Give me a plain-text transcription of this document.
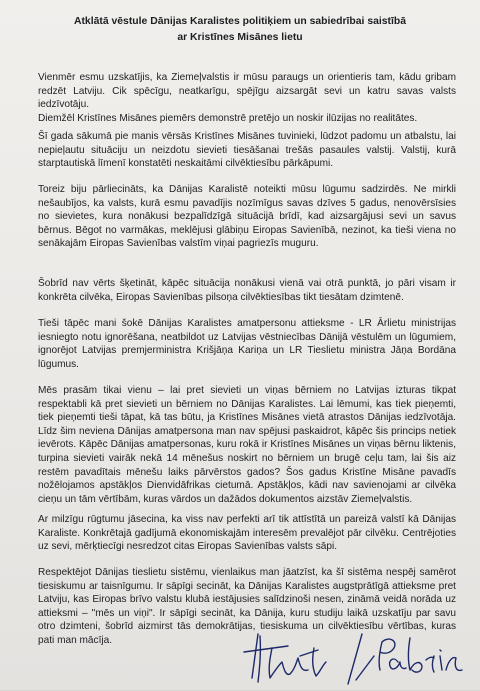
Atklātā vēstule Dānijas Karalistes politiķiem un sabiedrībai saistībā
ar Kristīnes Misānes lietu

Vienmēr esmu uzskatījis, ka Ziemeļvalstis ir mūsu paraugs un orientieris tam, kādu gribam redzēt Latviju. Cik spēcīgu, neatkarīgu, spējīgu aizsargāt sevi un katru savas valsts iedzīvotāju.

Diemžēl Kristīnes Misānes piemērs demonstrē pretējo un noskir ilūzijas no realitātes.

Šī gada sākumā pie manis vērsās Kristīnes Misānes tuvinieki, lūdzot padomu un atbalstu, lai nepieļautu situāciju un neizdotu sievieti tiesāšanai trešās pasaules valstij. Valstij, kurā starptautiskā līmenī konstatēti neskaitāmi cilvēktiesību pārkāpumi.

Toreiz biju pārliecināts, ka Dānijas Karalistē noteikti mūsu lūgumu sadzirdēs. Ne mirkli nešaubījos, ka valsts, kurā esmu pavadījis nozīmīgus savas dzīves 5 gadus, nenovērsīsies no sievietes, kura nonākusi bezpalīdzīgā situācijā brīdī, kad aizsargājusi sevi un savus bērnus. Bēgot no varmākas, meklējusi glābiņu Eiropas Savienībā, nezinot, ka tieši viena no senākajām Eiropas Savienības valstīm viņai pagriezīs muguru.

Šobrīd nav vērts šķetināt, kāpēc situācija nonākusi vienā vai otrā punktā, jo pāri visam ir konkrēta cilvēka, Eiropas Savienības pilsoņa cilvēktiesības tikt tiesātam dzimtenē.

Tieši tāpēc mani šokē Dānijas Karalistes amatpersonu attieksme - LR Ārlietu ministrijas iesniegto notu ignorēšana, neatbildot uz Latvijas vēstniecības Dānijā vēstulēm un lūgumiem, ignorējot Latvijas premjerministra Krišjāņa Kariņa un LR Tieslietu ministra Jāņa Bordāna lūgumus.

Mēs prasām tikai vienu – lai pret sievieti un viņas bērniem no Latvijas izturas tikpat respektabli kā pret sievieti un bērniem no Dānijas Karalistes. Lai lēmumi, kas tiek pieņemti, tiek pieņemti tieši tāpat, kā tas būtu, ja Kristīnes Misānes vietā atrastos Dānijas iedzīvotāja. Līdz šim neviena Dānijas amatpersona man nav spējusi paskaidrot, kāpēc šis princips netiek ievērots. Kāpēc Dānijas amatpersonas, kuru rokā ir Kristīnes Misānes un viņas bērnu liktenis, turpina sievieti vairāk nekā 14 mēnešus noskirt no bērniem un brugē ceļu tam, lai šis aiz restēm pavadītais mēnešu laiks pārvērstos gados? Šos gadus Kristīne Misāne pavadīs nožēlojamos apstākļos Dienvidāfrikas cietumā. Apstākļos, kādi nav savienojami ar cilvēka cieņu un tām vērtībām, kuras vārdos un dažādos dokumentos aizstāv Ziemeļvalstis.

Ar milzīgu rūgtumu jāsecina, ka viss nav perfekti arī tik attīstītā un pareizā valstī kā Dānijas Karaliste. Konkrētajā gadījumā ekonomiskajām interesēm prevalējot pār cilvēku. Centrējoties uz sevi, mērķtiecīgi nesredzot citas Eiropas Savienības valsts sāpi.

Respektējot Dānijas tieslietu sistēmu, vienlaikus man jāatzīst, ka šī sistēma nespēj samērot tiesiskumu ar taisnīgumu. Ir sāpīgi secināt, ka Dānijas Karalistes augstprātīgā attieksme pret Latviju, kas Eiropas brīvo valstu klubā iestājusies salīdzinoši nesen, zināmā veidā norāda uz attieksmi – "mēs un viņi". Ir sāpīgi secināt, ka Dānija, kuru studiju laikā uzskatīju par savu otro dzimteni, šobrīd aizmirst tās demokrātijas, tiesiskuma un cilvēktiesību vērtības, kuras pati man mācīja.
